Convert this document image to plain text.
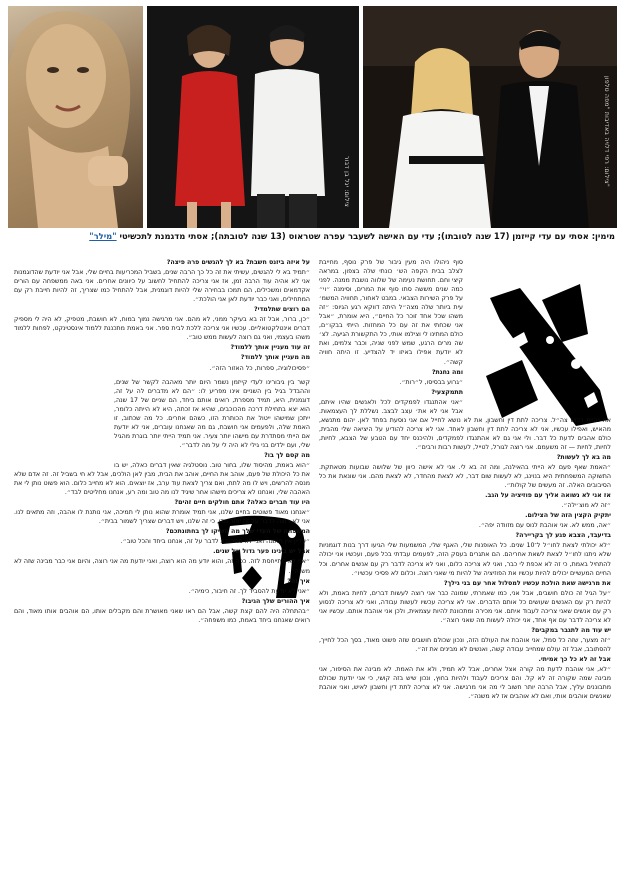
צילום: יגל בן דבור	צילום: רפי דלויה באדיבות "מפה טלפון"
מימין: אסתי עם עדי קייזמן (17 שנה לטובתו); עדי עם האישה לשעבר עפרה שטראוס (13 שנה לטובתה); אסתי מדגמנת לתכשיטי "מילר"

סוף ניהולו היה מעין גיבור של פרק נוסף, מחייבת לצלב בבית הקפה הש׳ כונתי שלה בצפון, במראה קיצי וחם. תחושת נעימה של שלווה נושבת ממנה. לפני כמה שנים מששה סתו סוף את המרים, וסימנה ״וי״ על פרק השירות הצבאי. במבט לאחור, תחוויה המשמ׳ עית ביותר שלה מצה״ל היתה דווקא רגע הגיוס: ״זה משהו שכל אחד זוכר כל החיים״, היא אומרת, ״אבל אני שכחתי את זה עם כל המחזות. הייתי בבקו״ם, כולם המתינו לי וצילמו אותי, כל התקשורת הגיעה. לצ׳ שה מרים הרגע, שמש לפני שניה, וכבר צלמים, ואת לא יודעת אפילו באיזו יד להצדיע. זו היתה חוויה קשה״.

ומה נחגת?

״גרוע בבסיסו, ל״רות״.

תתמקצעי?

״אני אהתנגדו לפמקדים לכל ולאנשים שהיו איתם, אבל אני לא את׳ עצב לבצב. נשללת לך העצמאות. את נהיית רכוש צה״ל. צריכה לתת דין וחשבון, את לא נושא לחייל אם אני נוסעת בפחד לאן. יהום מתנשא, מהאיש, ואפילו עכשיו, אני לא צריכה לתת דין וחשבון לאחד. אני לא צריכה להודיע על היציאה שלי מהבית, כולם אהבים לדעת כל דבר. ולי אני גם לא אהתנגדו לפמקדים, ולהיכנס יחד עם הטבע של הצבא, לחיות, לחיות, לחיות — זה משעמם. אני רוצה לגורל, לטייל, לעשות רבות ורבים״.

מה בא לך לעשות?

״האמת שאף פעם לא הייתי בהאילנה, ומה זה בא לי. אני לא אישה כיוון של שלושה שבועות מטאתקת. התשוקה המשפחתית היא בנוינג, לא לעשות שום דבר, לא לצאת מהחדר, לא לצאת מהם. אני שונאת את כל הסיבובים האלה. זה מעשים של קולות״.

אז אני לא נשואה אליך עם פוזיציה על הגב.

״זה לא מוצ׳ילה״.

יתקיק הקצין הזה של הצילום.

״אה, ממש לא. אני אוהבת לנוס עם מזוודה יפה״.

בדיעבד, הצבא פגע לך בקריירה?

״לא יכולתי לצאת לחו״ל ל־10 שנים. כל האופנות שלי, האגף שלי, המשמעות שלי הגיעו דרך בנות דוגמניות שלא ניתנו לחו״ל לצאת לשאת אחריהם. הם אתגרים בעסק הזה, לפעמים עבדתי בכל פעם, ועכשיו אני יכולה להתחיל באמת, כי זה לא אכפת לי כבר, ואני לא צריכה כלום, ואני לא צריכה לדבר רק עם אנשים אחרים. וכל החיים המעשיים יכולים להיות עכשיו את הפוזיציה של להיות מי שאני רוצה. וכלום לא פסיכי עכשיו״.

את מרגישה שאת הולכת עכשיו למסלול אחר עם בני גילך?

״על הגיל זה כולם חושבים, אבל אני, כמו שאמרתי, שמונה כבר אני רוצה לעשות דברים, לחיות באמת, ולא להיות רק עם האנשים שעושים כל אותם הדברים. אני לא צריכה עכשיו לעשות עבודה, ואני לא צריכה לנסוע רק עם אנשים שאני צריכה לעבוד איתם. אני מכירה ומתכוונת להיות עצמאית, ולכן אני אוהבת אותם. עכשיו אני לא צריכה לדבר עם אף אחד, אני יכולה לעשות מה שאני רוצה״.

יש עוד מה לתגבר במקבים?

״זה מצער, שזה כל סמל, אני אוהבת את העולם הזה, ונכון שכולם חושבים שזה פשוט מאוד, בסך הכל לחייך, להסתובב, אבל זה עולם שמחייב עבודה קשה, ואנשים לא מבינים את זה״.

אבל זה לא כל כך אמיתי.

״לא, אני אוהבת לדעת מה קורה אצל אחרים, אבל לא תמיד, ולא את האמת. לא מבינה את הסיפור, אני מבינה שמה שקורה זה לא קל. והם צריכים לעבוד ולהיות בחוץ, ונכון שיש בזה קושי, כי אני יודעת שכולם מתבוננים עליך, אבל הרבה יותר חשוב לי מה אני מרגישה. אני לא צריכה לתת דין וחשבון לאיש, ואני אוהבת שאנשים אוהבים אותי, ואם לא אוהבים אז לא משנה״.

על איזה ביזנס חשבת? בא לך להגשים פרה פיצה?

״תמיד בא לי להגשים, עשיתי את זה כל כך הרבה שנים, בשביל המכריעות בחיים שלי, אבל אני יודעת שהדוגמנות אני לא אהיה עוד הרבה זמן, אז אני צריכה להתחיל לחשוב על כיוונים אחרים. אני באה ממשפחה עם הורים אקדמאים ומשכילים, הם תמכו בבחירה שלי להיות דוגמנית, אבל להתחיל כמו שצריך, זה להיות חייבת רק עם המתחילים, ואני כבר יודעת לאן אני הולכת״.

הם רוצים שתלמדי?

״כן, ברור, אבל זה בא בעיקר ממני, לא מהם. אני מרגישה נמוך במוח, לא חושבת, מטפיק, לא היה לי מספיק דברים אינטלקטואליים. עכשיו אני צריכה ללכת לבית ספר. אני באמת מתכננת ללמוד אינסטינקט, לפחות ללמוד משהו בעצמי, ואני גם רוצה לעשות ממש טוב״.

זה עוד מעניין אותך ללמוד?

מה מעניין אותך ללמוד?

״פסיכולוגיה, ספרות, כל האזור הזה״.

קשר בין גיבורינו לעדי קייזמן נשמר היום יותר מאהבה לקשר של שנים, וההבדל בגיל בין השניים אינו מפריע לו: ״הם לא מדברים לה על זה, דוגמנית, היא, תמיד מספרת, רואים אותם ביחד, הם שניים של 17 שנה, הוא יצא בתחילת דרכה מהכוכבים, שהיא אז זכתה, היא לא הייתה כלומר, ייתכן שמישהו ייטול את הכותרת הזו, כשהם אחרים. כל מה שכתוב, זו האמת שלה, ולפעמים אני חושבת, גם מה שאנחנו עוברים, אני לא יודעת אם הייתי מסתדרת עם מישהו יותר צעיר. אני תמיד הייתי יותר בוגרת מהגיל שלי, ועם ילדים בני גילי לא היה לי על מה לדבר״.

מה קסם לך בו?

״הוא באמת, מהיסוד שלו, בחור טוב. נוסטלגיה שאין דברים כאלה, יש בו את כל היכולת של פעם, אוהב את החיים, אוהב את הבית, מבין לאן הולכים, אבל לא חי בשביל זה. זה אדם שלא מנסה להרשים, ויש לו מה לתת, ואם צריך לצאת עוד ערב, אז יוצאים. הוא לא מחייב כלום. הוא פשוט נותן לי את האהבה שלי, ואנחנו לא צריכים מישהו אחר שיגיד לנו מה טוב ומה רע, אנחנו מחליטים לבד״.

היו עוד חברים כאלה? אתם חולקים חיים זהים?

״אנחנו מאוד פשוטים בחיים שלנו, אני תמיד אומרת שהוא נותן לי תמיכה, אני נותנת לו אהבה, וזה מתאים לנו. אני לא רוצה לדבר על זה יותר מדי, כי זה שלנו, ויש דברים שצריך לשמור בבית״.

המשפחה של העדי שלך מה השיקו לך בחתונתכם?

״עדיין אין חתונה ואני לא מתכוונת לדבר על זה, אנחנו ביחד והכל טוב״.

אבל יש בינינו פער גדול של שנים.

״אני לא מתייחסת לזה. ככה זה, והוא יודע מה הוא רוצה, ואני יודעת מה אני רוצה, והיום אני כבר מבינה שזה לא משנה״.

איך זה?

״אני לא יודעת להסביר לך. זה חיבור, כימיה״.

איך ההורים שלך הגיבו?

״בהתחלה היה להם קצת קשה, אבל הם ראו שאני מאושרת והם מקבלים אותו, הם אוהבים אותו מאוד, והם רואים שאנחנו ביחד באמת, כמו משפחה״.
